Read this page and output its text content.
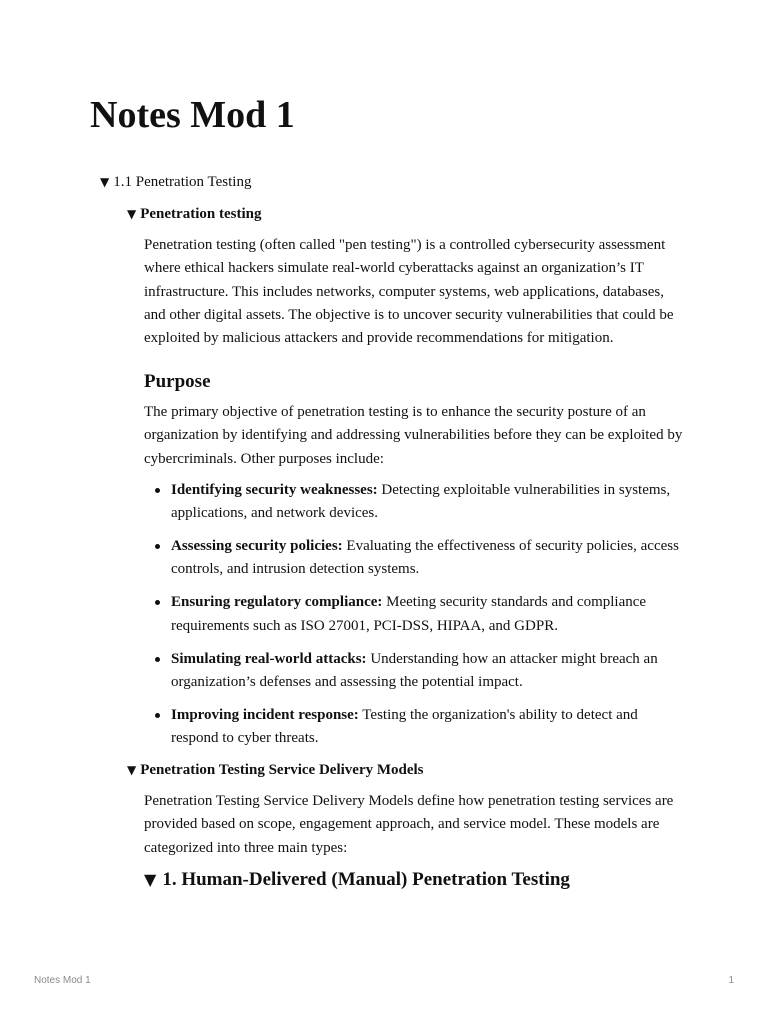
Notes Mod 1
▼ 1.1 Penetration Testing
▼ Penetration testing

Penetration testing (often called "pen testing") is a controlled cybersecurity assessment where ethical hackers simulate real-world cyberattacks against an organization’s IT infrastructure. This includes networks, computer systems, web applications, databases, and other digital assets. The objective is to uncover security vulnerabilities that could be exploited by malicious attackers and provide recommendations for mitigation.

Purpose

The primary objective of penetration testing is to enhance the security posture of an organization by identifying and addressing vulnerabilities before they can be exploited by cybercriminals. Other purposes include:

Identifying security weaknesses: Detecting exploitable vulnerabilities in systems, applications, and network devices.
Assessing security policies: Evaluating the effectiveness of security policies, access controls, and intrusion detection systems.
Ensuring regulatory compliance: Meeting security standards and compliance requirements such as ISO 27001, PCI-DSS, HIPAA, and GDPR.
Simulating real-world attacks: Understanding how an attacker might breach an organization’s defenses and assessing the potential impact.
Improving incident response: Testing the organization's ability to detect and respond to cyber threats.
▼ Penetration Testing Service Delivery Models

Penetration Testing Service Delivery Models define how penetration testing services are provided based on scope, engagement approach, and service model. These models are categorized into three main types:

▼ 1. Human-Delivered (Manual) Penetration Testing
Notes Mod 1	1
